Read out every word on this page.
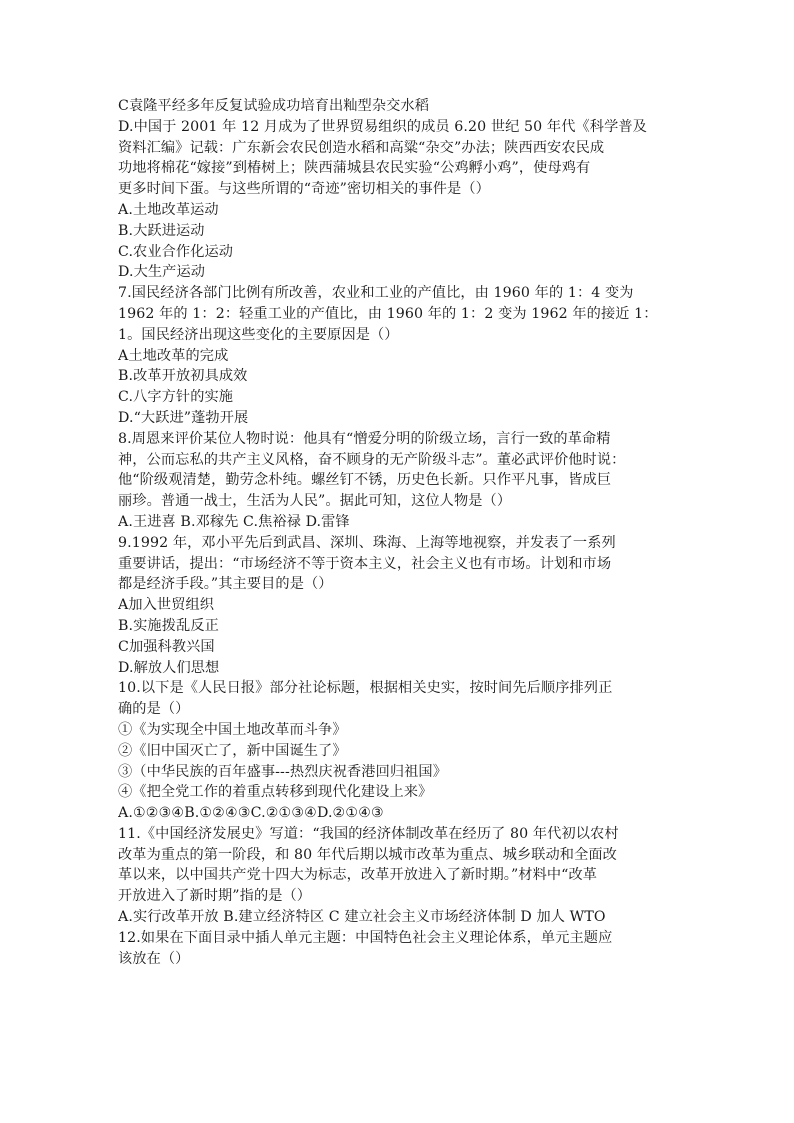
C袁隆平经多年反复试验成功培育出籼型杂交水稻
D.中国于 2001 年 12 月成为了世界贸易组织的成员 6.20 世纪 50 年代《科学普及
资料汇编》记载：广东新会农民创造水稻和高粱“杂交”办法；陕西西安农民成
功地将棉花“嫁接”到椿树上；陕西蒲城县农民实验“公鸡孵小鸡”，使母鸡有
更多时间下蛋。与这些所谓的“奇迹”密切相关的事件是（）
A.土地改革运动
B.大跃进运动
C.农业合作化运动
D.大生产运动
7.国民经济各部门比例有所改善，农业和工业的产值比，由 1960 年的 1：4 变为
1962 年的 1：2：轻重工业的产值比，由 1960 年的 1：2 变为 1962 年的接近 1：
1。国民经济出现这些变化的主要原因是（）
A土地改革的完成
B.改革开放初具成效
C.八字方针的实施
D.“大跃进”蓬勃开展
8.周恩来评价某位人物时说：他具有“憎爱分明的阶级立场，言行一致的革命精
神，公而忘私的共产主义风格，奋不顾身的无产阶级斗志”。董必武评价他时说：
他“阶级观清楚，勤劳念朴纯。螺丝钉不锈，历史色长新。只作平凡事，皆成巨
丽珍。普通一战士，生活为人民”。据此可知，这位人物是（）
A.王进喜 B.邓稼先 C.焦裕禄 D.雷锋
9.1992 年，邓小平先后到武昌、深圳、珠海、上海等地视察，并发表了一系列
重要讲话，提出：“市场经济不等于资本主义，社会主义也有市场。计划和市场
都是经济手段。”其主要目的是（）
A加入世贸组织
B.实施拨乱反正
C加强科教兴国
D.解放人们思想
10.以下是《人民日报》部分社论标题，根据相关史实，按时间先后顺序排列正
确的是（）
①《为实现全中国土地改革而斗争》
②《旧中国灭亡了，新中国诞生了》
③（中华民族的百年盛事---热烈庆祝香港回归祖国》
④《把全党工作的着重点转移到现代化建设上来》
A.①②③④B.①②④③C.②①③④D.②①④③
11.《中国经济发展史》写道：“我国的经济体制改革在经历了 80 年代初以农村
改革为重点的第一阶段，和 80 年代后期以城市改革为重点、城乡联动和全面改
革以来，以中国共产党十四大为标志，改革开放进入了新时期。”材料中“改革
开放进入了新时期”指的是（）
A.实行改革开放 B.建立经济特区 C 建立社会主义市场经济体制 D 加人 WTO
12.如果在下面目录中插人单元主题：中国特色社会主义理论体系，单元主题应
该放在（）
